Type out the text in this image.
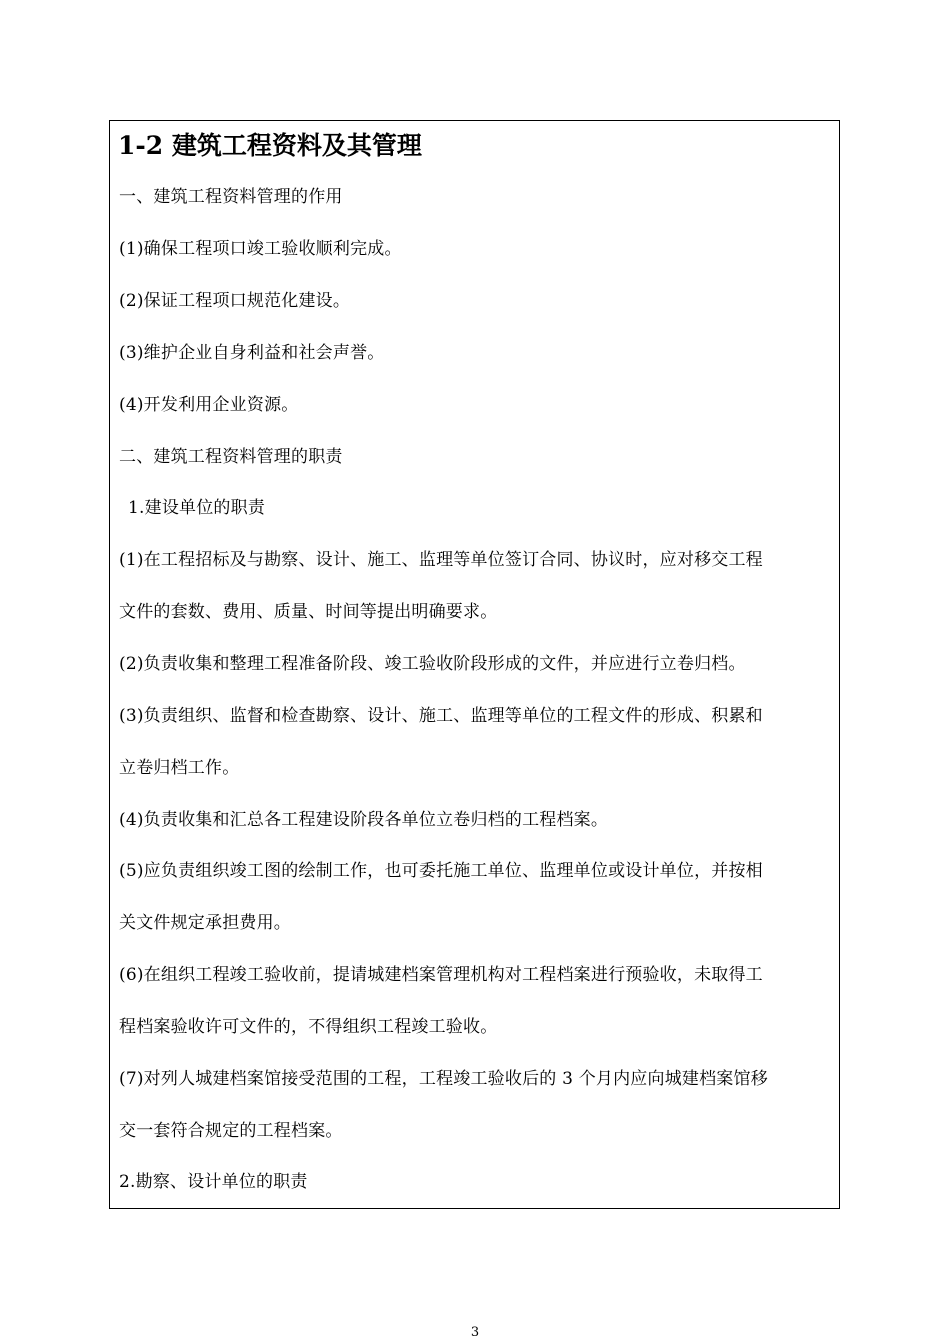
1-2 建筑工程资料及其管理
一、建筑工程资料管理的作用
(1)确保工程项口竣工验收顺利完成。
(2)保证工程项口规范化建设。
(3)维护企业自身利益和社会声誉。
(4)开发利用企业资源。
二、建筑工程资料管理的职责
1.建设单位的职责
(1)在工程招标及与勘察、设计、施工、监理等单位签订合同、协议时，应对移交工程
文件的套数、费用、质量、时间等提出明确要求。
(2)负责收集和整理工程准备阶段、竣工验收阶段形成的文件，并应进行立卷归档。
(3)负责组织、监督和检查勘察、设计、施工、监理等单位的工程文件的形成、积累和
立卷归档工作。
(4)负责收集和汇总各工程建设阶段各单位立卷归档的工程档案。
(5)应负责组织竣工图的绘制工作，也可委托施工单位、监理单位或设计单位，并按相
关文件规定承担费用。
(6)在组织工程竣工验收前，提请城建档案管理机构对工程档案进行预验收，未取得工
程档案验收许可文件的，不得组织工程竣工验收。
(7)对列人城建档案馆接受范围的工程，工程竣工验收后的 3 个月内应向城建档案馆移
交一套符合规定的工程档案。
2.勘察、设计单位的职责
3
